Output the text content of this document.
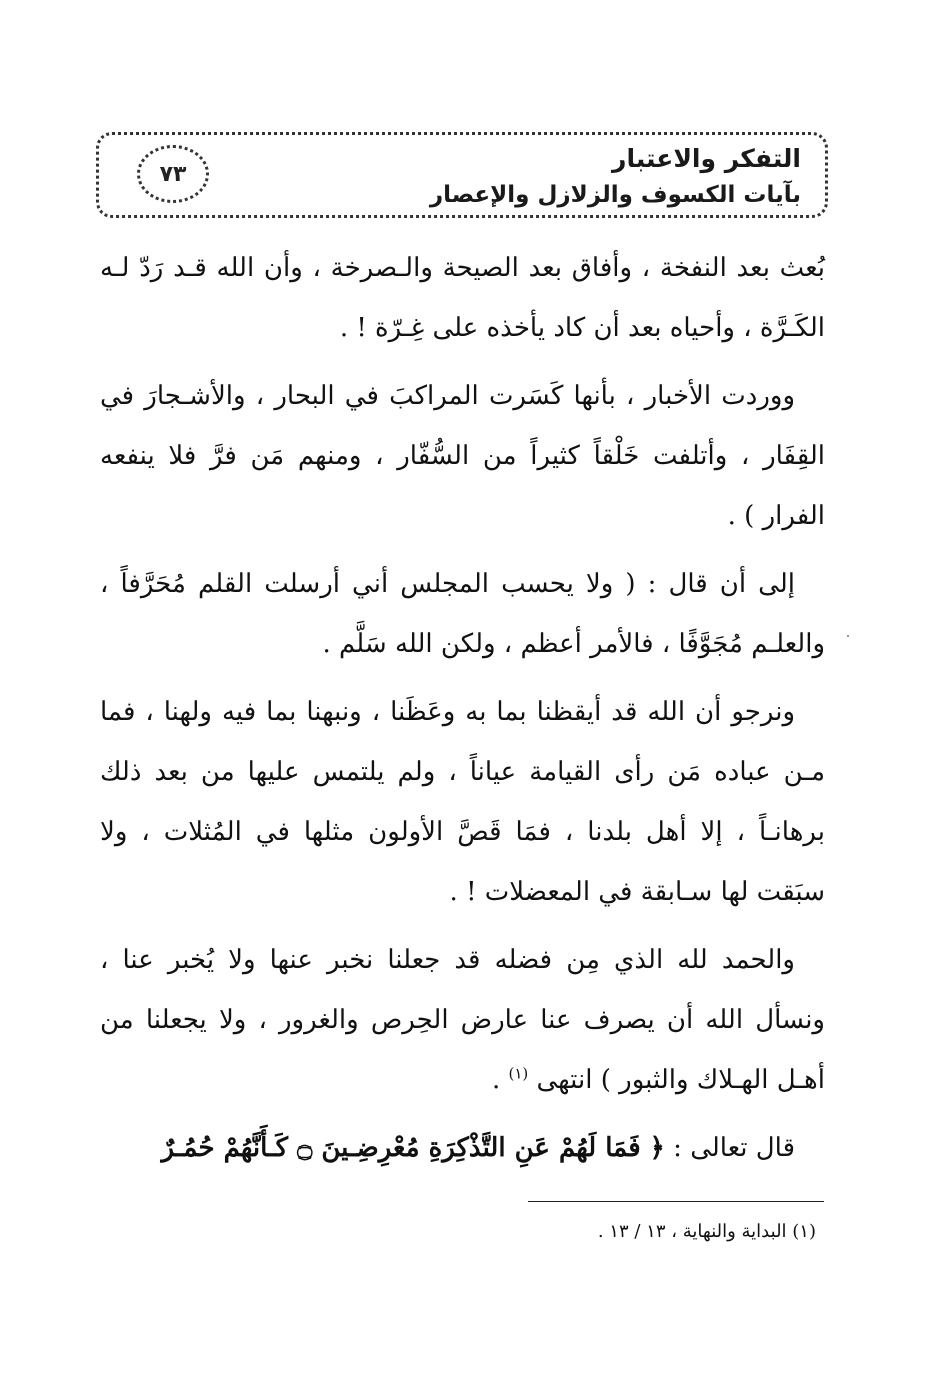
التفكر والاعتبار
بآيات الكسوف والزلازل والإعصار
٧٣

بُعث بعد النفخة ، وأفاق بعد الصيحة والـصرخة ، وأن الله قـد رَدّ لـه الكَـرَّة ، وأحياه بعد أن كاد يأخذه على غِـرّة ! .

ووردت الأخبار ، بأنها كَسَرت المراكبَ في البحار ، والأشـجارَ في القِفَار ، وأتلفت خَلْقاً كثيراً من السُّفّار ، ومنهم مَن فرَّ فلا ينفعه الفرار ) .

إلى أن قال : ( ولا يحسب المجلس أني أرسلت القلم مُحَرَّفاً ، والعلـم مُجَوَّفًا ، فالأمر أعظم ، ولكن الله سَلَّم .

ونرجو أن الله قد أيقظنا بما به وعَظَنا ، ونبهنا بما فيه ولهنا ، فما مـن عباده مَن رأى القيامة عياناً ، ولم يلتمس عليها من بعد ذلك برهانـاً ، إلا أهل بلدنا ، فمَا قَصَّ الأولون مثلها في المُثلات ، ولا سبَقت لها سـابقة في المعضلات ! .

والحمد لله الذي مِن فضله قد جعلنا نخبر عنها ولا يُخبر عنا ، ونسأل الله أن يصرف عنا عارض الحِرص والغرور ، ولا يجعلنا من أهـل الهـلاك والثبور ) انتهى $^{(١)}$ .

قال تعالى : ﴿ فَمَا لَهُمْ عَنِ التَّذْكِرَةِ مُعْرِضِـينَ ۝ كَـأَنَّهُمْ حُمُـرٌ

(١) البداية والنهاية ، ١٣ / ١٣ .
